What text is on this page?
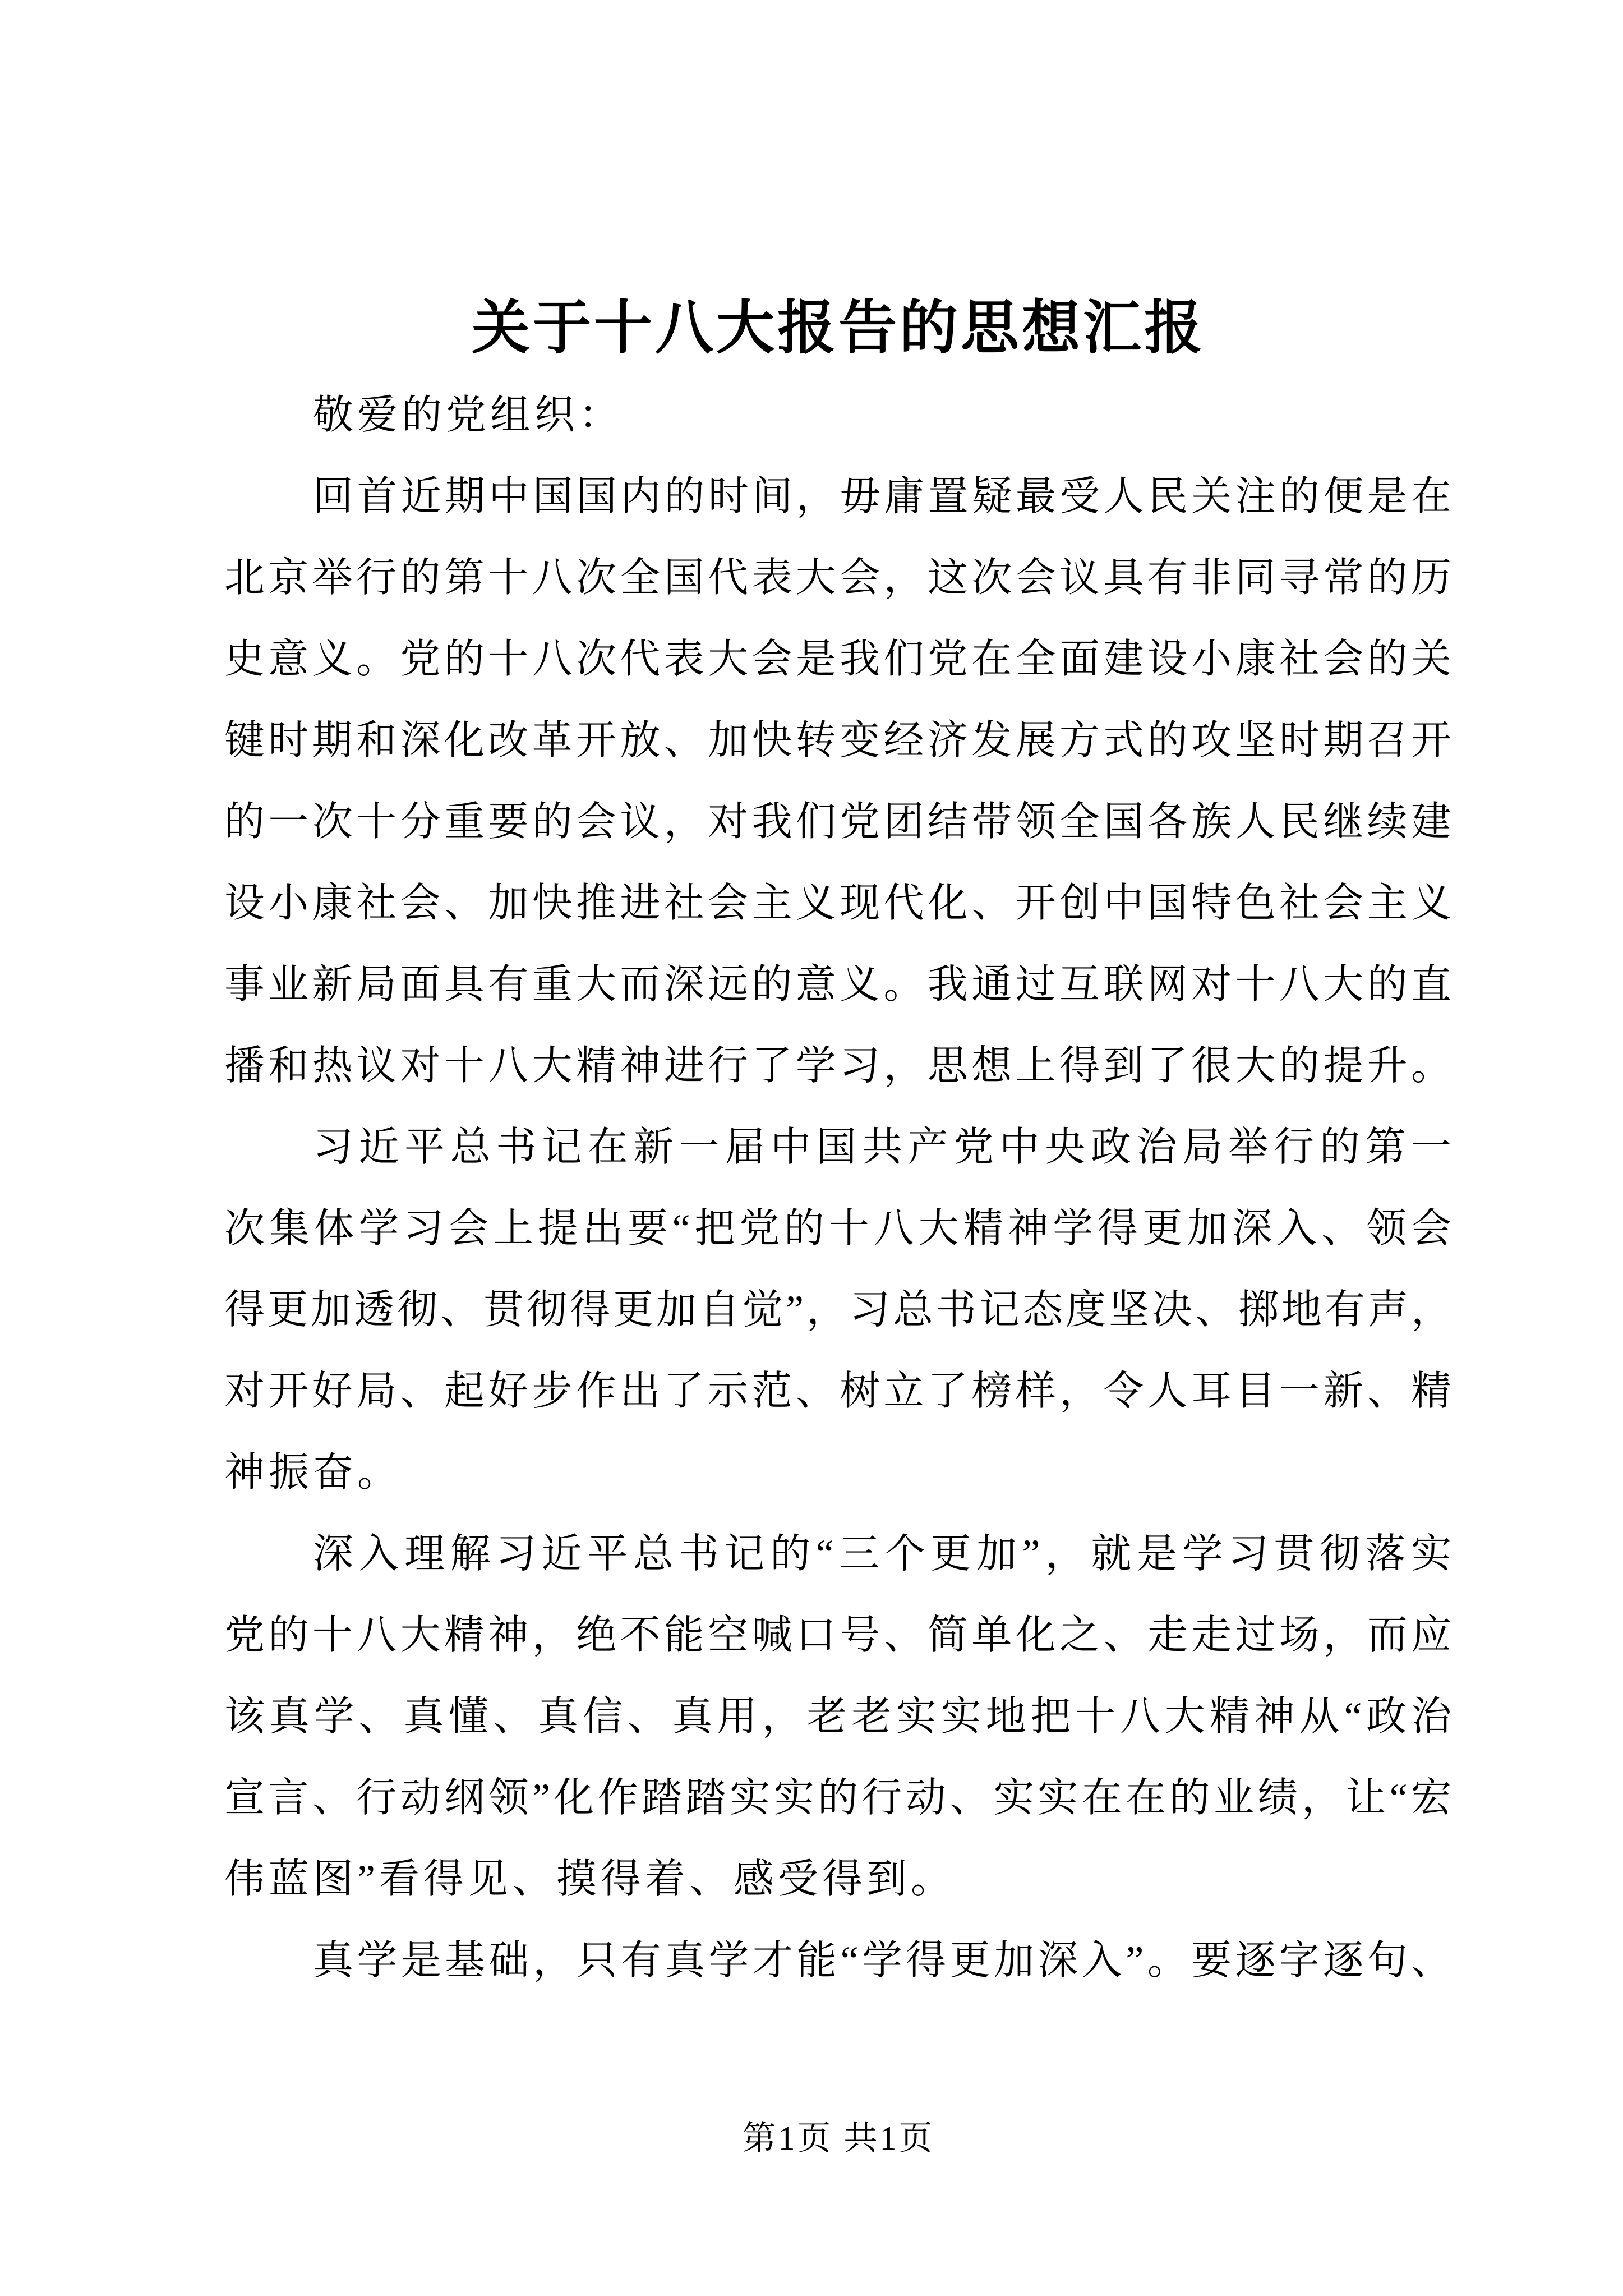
关于十八大报告的思想汇报
敬爱的党组织：
回首近期中国国内的时间，毋庸置疑最受人民关注的便是在
北京举行的第十八次全国代表大会，这次会议具有非同寻常的历
史意义。党的十八次代表大会是我们党在全面建设小康社会的关
键时期和深化改革开放、加快转变经济发展方式的攻坚时期召开
的一次十分重要的会议，对我们党团结带领全国各族人民继续建
设小康社会、加快推进社会主义现代化、开创中国特色社会主义
事业新局面具有重大而深远的意义。我通过互联网对十八大的直
播和热议对十八大精神进行了学习，思想上得到了很大的提升。
习近平总书记在新一届中国共产党中央政治局举行的第一
次集体学习会上提出要“把党的十八大精神学得更加深入、领会
得更加透彻、贯彻得更加自觉”，习总书记态度坚决、掷地有声，
对开好局、起好步作出了示范、树立了榜样，令人耳目一新、精
神振奋。
深入理解习近平总书记的“三个更加”，就是学习贯彻落实
党的十八大精神，绝不能空喊口号、简单化之、走走过场，而应
该真学、真懂、真信、真用，老老实实地把十八大精神从“政治
宣言、行动纲领”化作踏踏实实的行动、实实在在的业绩，让“宏
伟蓝图”看得见、摸得着、感受得到。
真学是基础，只有真学才能“学得更加深入”。要逐字逐句、
第1页 共1页
